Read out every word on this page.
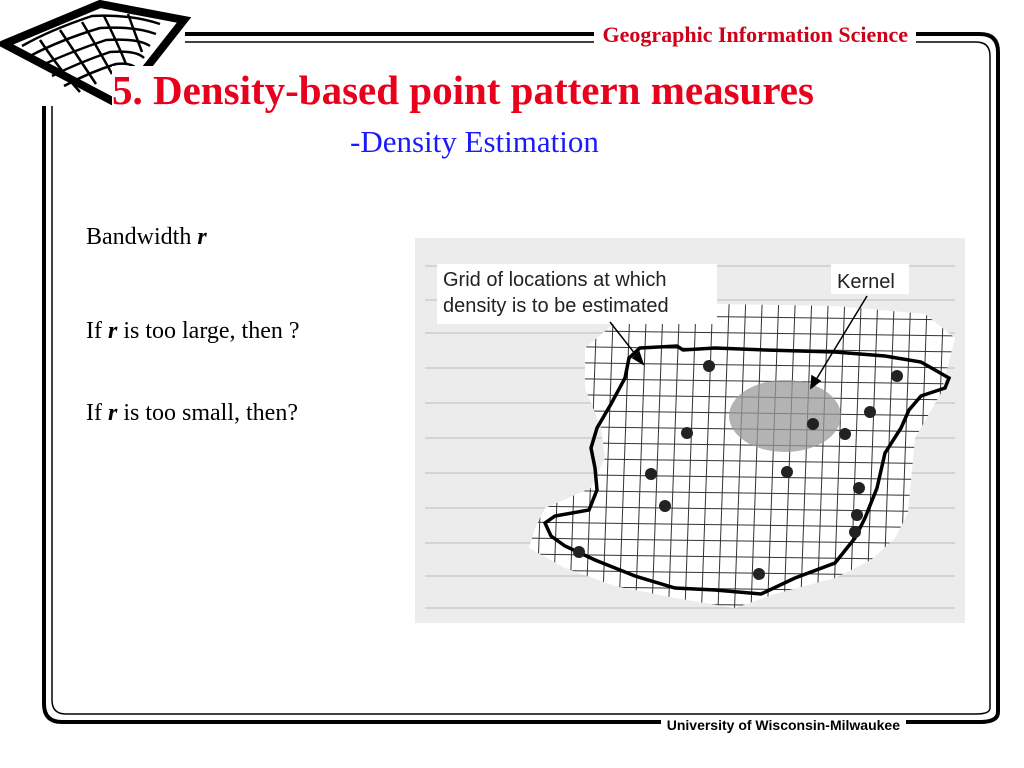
Geographic Information Science
5. Density-based point pattern measures
-Density Estimation
Bandwidth r
If r is too large, then ?
If r is too small, then?
Grid of locations at which
density is to be estimated
Kernel
University of Wisconsin-Milwaukee
